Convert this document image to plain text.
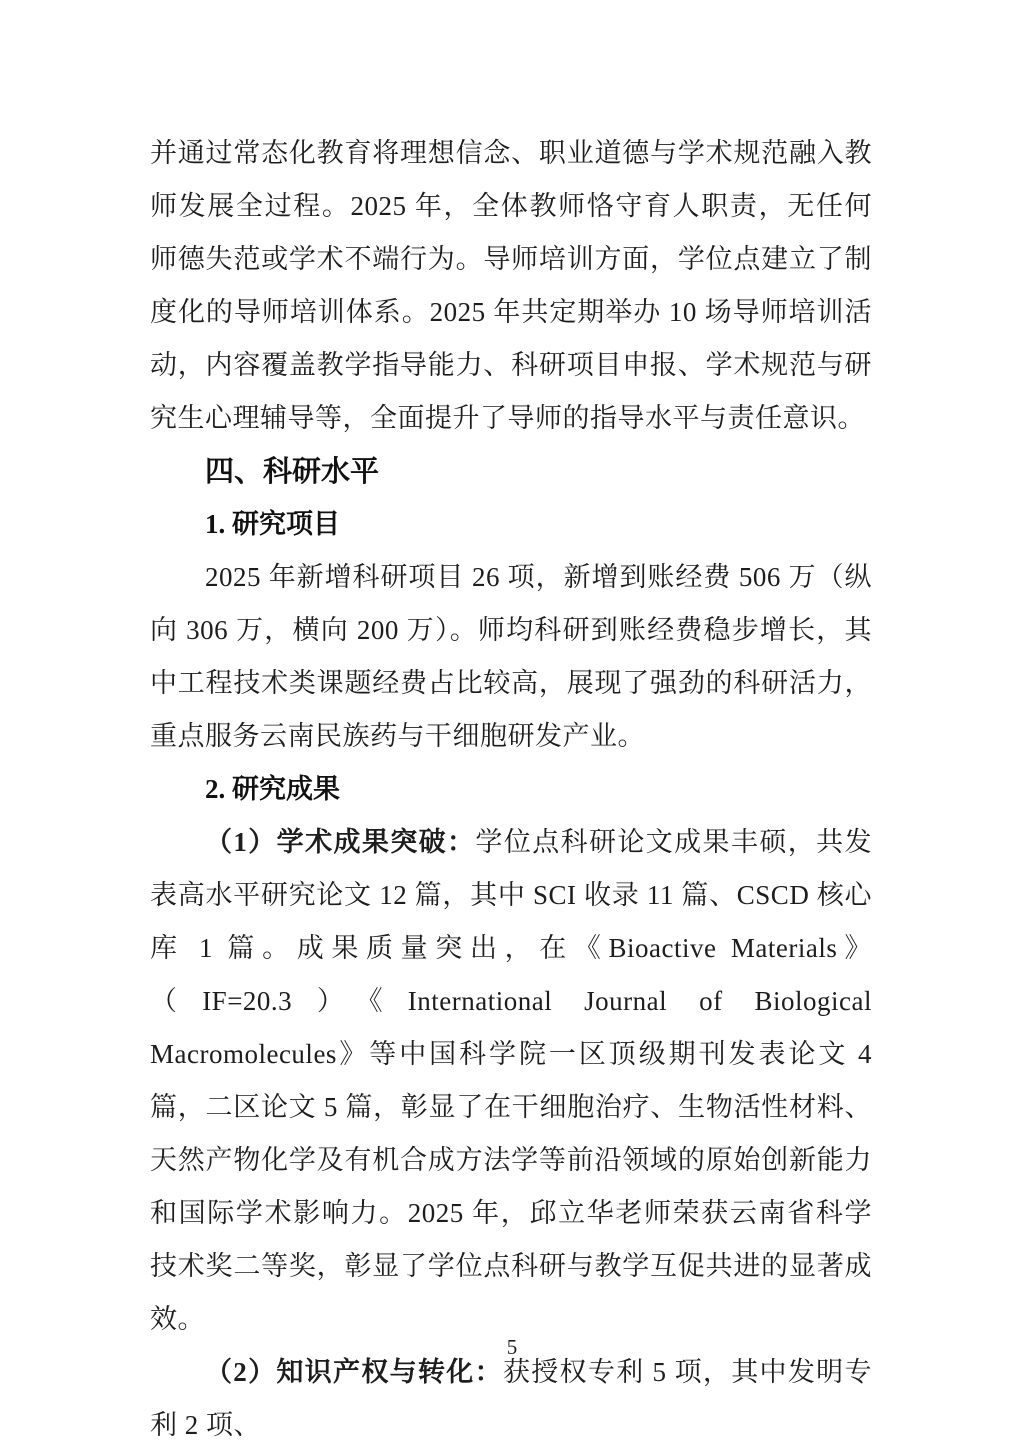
并通过常态化教育将理想信念、职业道德与学术规范融入教师发展全过程。2025 年，全体教师恪守育人职责，无任何师德失范或学术不端行为。导师培训方面，学位点建立了制度化的导师培训体系。2025 年共定期举办 10 场导师培训活动，内容覆盖教学指导能力、科研项目申报、学术规范与研究生心理辅导等，全面提升了导师的指导水平与责任意识。

四、科研水平
1. 研究项目

2025 年新增科研项目 26 项，新增到账经费 506 万（纵向 306 万，横向 200 万）。师均科研到账经费稳步增长，其中工程技术类课题经费占比较高，展现了强劲的科研活力，重点服务云南民族药与干细胞研发产业。

2. 研究成果

（1）学术成果突破：学位点科研论文成果丰硕，共发表高水平研究论文 12 篇，其中 SCI 收录 11 篇、CSCD 核心库 1 篇。成果质量突出，在《Bioactive Materials》（IF=20.3）《International Journal of Biological Macromolecules》等中国科学院一区顶级期刊发表论文 4 篇，二区论文 5 篇，彰显了在干细胞治疗、生物活性材料、天然产物化学及有机合成方法学等前沿领域的原始创新能力和国际学术影响力。2025 年，邱立华老师荣获云南省科学技术奖二等奖，彰显了学位点科研与教学互促共进的显著成效。

（2）知识产权与转化：获授权专利 5 项，其中发明专利 2 项、

5
